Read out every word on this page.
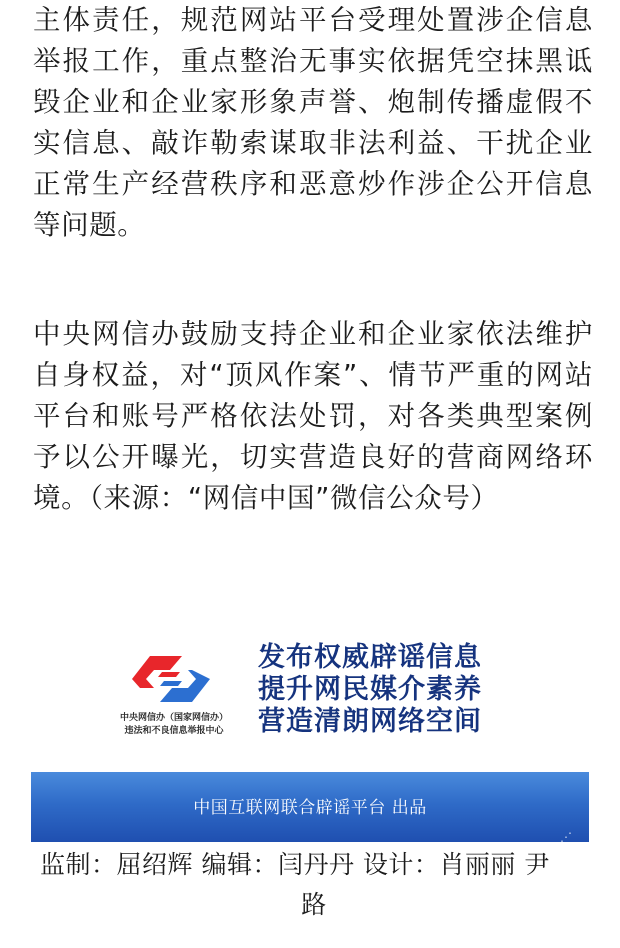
主体责任，规范网站平台受理处置涉企信息举报工作，重点整治无事实依据凭空抹黑诋毁企业和企业家形象声誉、炮制传播虚假不实信息、敲诈勒索谋取非法利益、干扰企业正常生产经营秩序和恶意炒作涉企公开信息等问题。

中央网信办鼓励支持企业和企业家依法维护自身权益，对“顶风作案”、情节严重的网站平台和账号严格依法处罚，对各类典型案例予以公开曝光，切实营造良好的营商网络环境。（来源：“网信中国”微信公众号）

中央网信办（国家网信办）
违法和不良信息举报中心
发布权威辟谣信息
提升网民媒介素养
营造清朗网络空间
中国互联网联合辟谣平台 出品
⋰
监制：屈绍辉 编辑：闫丹丹 设计：肖丽丽 尹
路
